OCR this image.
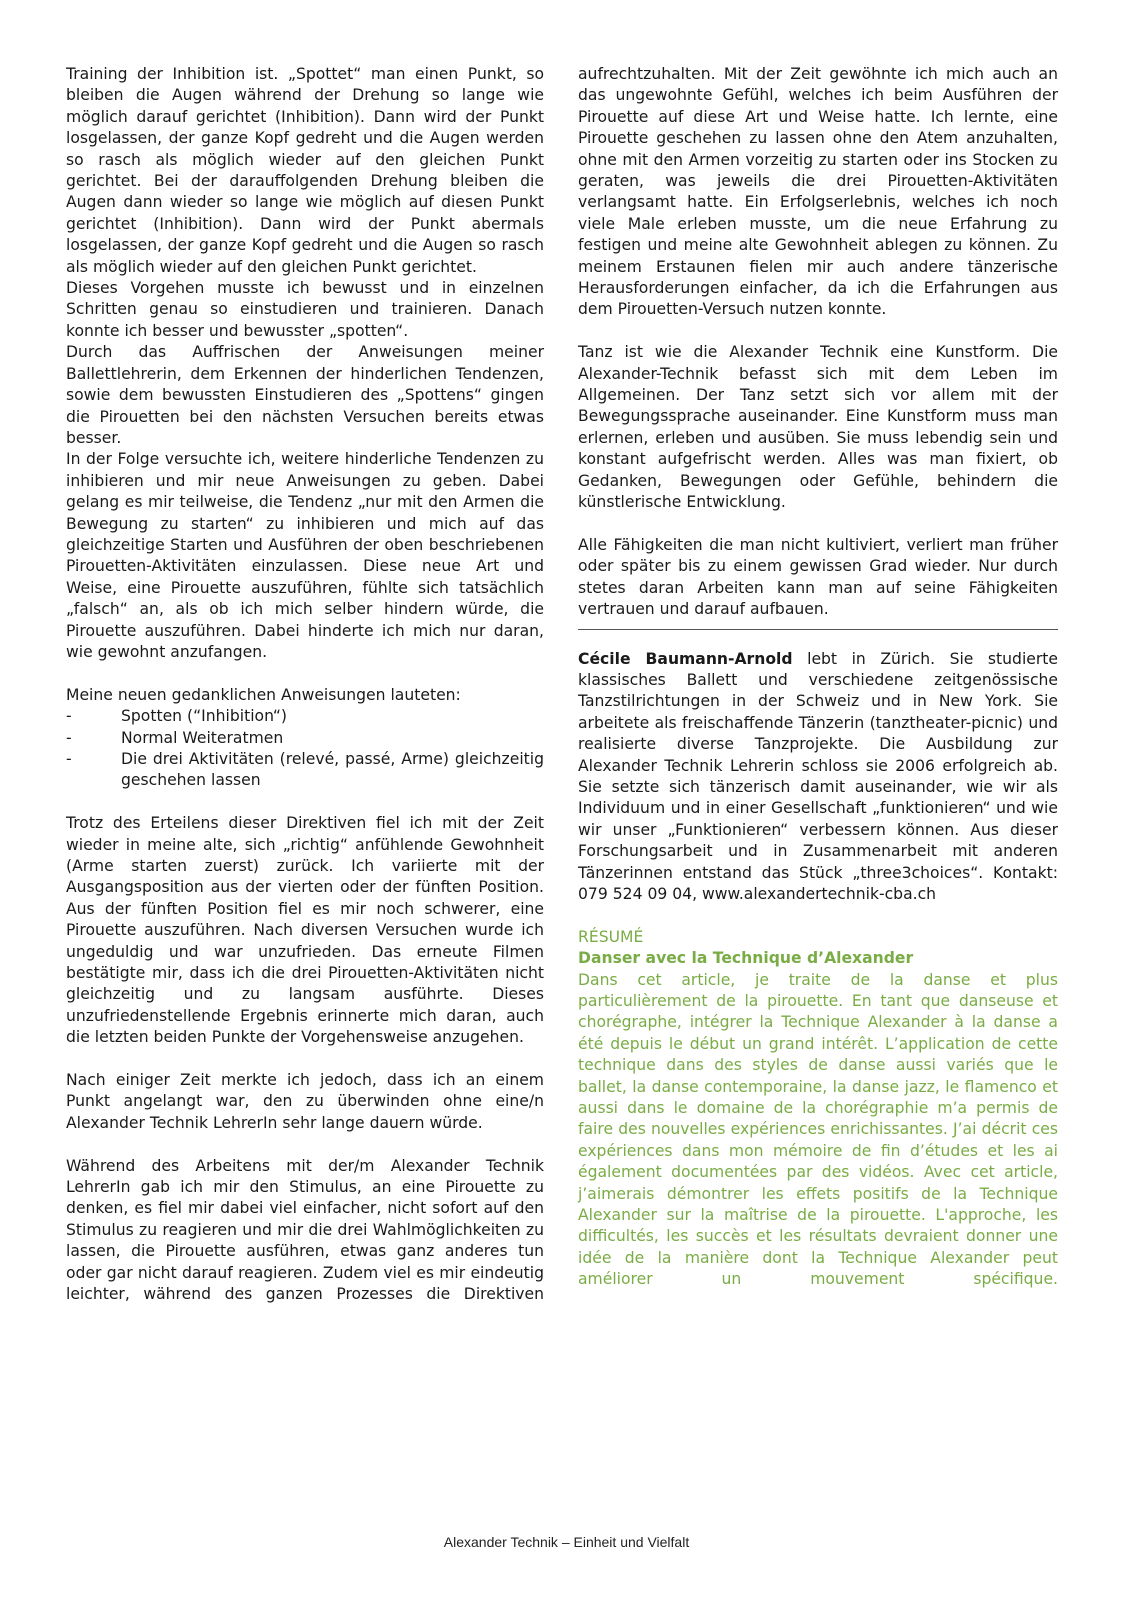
Training der Inhibition ist. „Spottet“ man einen Punkt, so bleiben die Augen während der Drehung so lange wie möglich darauf gerichtet (Inhibition). Dann wird der Punkt losgelassen, der ganze Kopf gedreht und die Augen werden so rasch als möglich wieder auf den gleichen Punkt gerichtet. Bei der darauffolgenden Drehung bleiben die Augen dann wieder so lange wie möglich auf diesen Punkt gerichtet (Inhibition). Dann wird der Punkt abermals losgelassen, der ganze Kopf gedreht und die Augen so rasch als möglich wieder auf den gleichen Punkt gerichtet.

Dieses Vorgehen musste ich bewusst und in einzelnen Schritten genau so einstudieren und trainieren. Danach konnte ich besser und bewusster „spotten“.

Durch das Auffrischen der Anweisungen meiner Ballettlehrerin, dem Erkennen der hinderlichen Tendenzen, sowie dem bewussten Einstudieren des „Spottens“ gingen die Pirouetten bei den nächsten Versuchen bereits etwas besser.

In der Folge versuchte ich, weitere hinderliche Tendenzen zu inhibieren und mir neue Anweisungen zu geben. Dabei gelang es mir teilweise, die Tendenz „nur mit den Armen die Bewegung zu starten“ zu inhibieren und mich auf das gleichzeitige Starten und Ausführen der oben beschriebenen Pirouetten-Aktivitäten einzulassen. Diese neue Art und Weise, eine Pirouette auszuführen, fühlte sich tatsächlich „falsch“ an, als ob ich mich selber hindern würde, die Pirouette auszuführen. Dabei hinderte ich mich nur daran, wie gewohnt anzufangen.

Meine neuen gedanklichen Anweisungen lauteten:

-	Spotten (“Inhibition“)
-	Normal Weiteratmen
-	Die drei Aktivitäten (relevé, passé, Arme) gleichzeitig geschehen lassen

Trotz des Erteilens dieser Direktiven fiel ich mit der Zeit wieder in meine alte, sich „richtig“ anfühlende Gewohnheit (Arme starten zuerst) zurück. Ich variierte mit der Ausgangsposition aus der vierten oder der fünften Position. Aus der fünften Position fiel es mir noch schwerer, eine Pirouette auszuführen. Nach diversen Versuchen wurde ich ungeduldig und war unzufrieden. Das erneute Filmen bestätigte mir, dass ich die drei Pirouetten-Aktivitäten nicht gleichzeitig und zu langsam ausführte. Dieses unzufriedenstellende Ergebnis erinnerte mich daran, auch die letzten beiden Punkte der Vorgehensweise anzugehen.

Nach einiger Zeit merkte ich jedoch, dass ich an einem Punkt angelangt war, den zu überwinden ohne eine/n Alexander Technik LehrerIn sehr lange dauern würde.

Während des Arbeitens mit der/m Alexander Technik LehrerIn gab ich mir den Stimulus, an eine Pirouette zu denken, es fiel mir dabei viel einfacher, nicht sofort auf den Stimulus zu reagieren und mir die drei Wahlmöglichkeiten zu lassen, die Pirouette ausführen, etwas ganz anderes tun oder gar nicht darauf reagieren. Zudem viel es mir eindeutig leichter, während des ganzen Prozesses die Direktiven

aufrechtzuhalten. Mit der Zeit gewöhnte ich mich auch an das ungewohnte Gefühl, welches ich beim Ausführen der Pirouette auf diese Art und Weise hatte. Ich lernte, eine Pirouette geschehen zu lassen ohne den Atem anzuhalten, ohne mit den Armen vorzeitig zu starten oder ins Stocken zu geraten, was jeweils die drei Pirouetten-Aktivitäten verlangsamt hatte. Ein Erfolgserlebnis, welches ich noch viele Male erleben musste, um die neue Erfahrung zu festigen und meine alte Gewohnheit ablegen zu können. Zu meinem Erstaunen fielen mir auch andere tänzerische Herausforderungen einfacher, da ich die Erfahrungen aus dem Pirouetten-Versuch nutzen konnte.

Tanz ist wie die Alexander Technik eine Kunstform. Die Alexander-Technik befasst sich mit dem Leben im Allgemeinen. Der Tanz setzt sich vor allem mit der Bewegungssprache auseinander. Eine Kunstform muss man erlernen, erleben und ausüben. Sie muss lebendig sein und konstant aufgefrischt werden. Alles was man fixiert, ob Gedanken, Bewegungen oder Gefühle, behindern die künstlerische Entwicklung.

Alle Fähigkeiten die man nicht kultiviert, verliert man früher oder später bis zu einem gewissen Grad wieder. Nur durch stetes daran Arbeiten kann man auf seine Fähigkeiten vertrauen und darauf aufbauen.

Cécile Baumann-Arnold lebt in Zürich. Sie studierte klassisches Ballett und verschiedene zeitgenössische Tanzstilrichtungen in der Schweiz und in New York. Sie arbeitete als freischaffende Tänzerin (tanztheater-picnic) und realisierte diverse Tanzprojekte. Die Ausbildung zur Alexander Technik Lehrerin schloss sie 2006 erfolgreich ab. Sie setzte sich tänzerisch damit auseinander, wie wir als Individuum und in einer Gesellschaft „funktionieren“ und wie wir unser „Funktionieren“ verbessern können. Aus dieser Forschungsarbeit und in Zusammenarbeit mit anderen Tänzerinnen entstand das Stück „three3choices“. Kontakt: 079 524 09 04, www.alexandertechnik-cba.ch

RÉSUMÉ

Danser avec la Technique d’Alexander

Dans cet article, je traite de la danse et plus particulièrement de la pirouette. En tant que danseuse et chorégraphe, intégrer la Technique Alexander à la danse a été depuis le début un grand intérêt. L’application de cette technique dans des styles de danse aussi variés que le ballet, la danse contemporaine, la danse jazz, le flamenco et aussi dans le domaine de la chorégraphie m’a permis de faire des nouvelles expériences enrichissantes. J’ai décrit ces expériences dans mon mémoire de fin d’études et les ai également documentées par des vidéos. Avec cet article, j’aimerais démontrer les effets positifs de la Technique Alexander sur la maîtrise de la pirouette. L'approche, les difficultés, les succès et les résultats devraient donner une idée de la manière dont la Technique Alexander peut améliorer un mouvement spécifique.

Alexander Technik – Einheit und Vielfalt
